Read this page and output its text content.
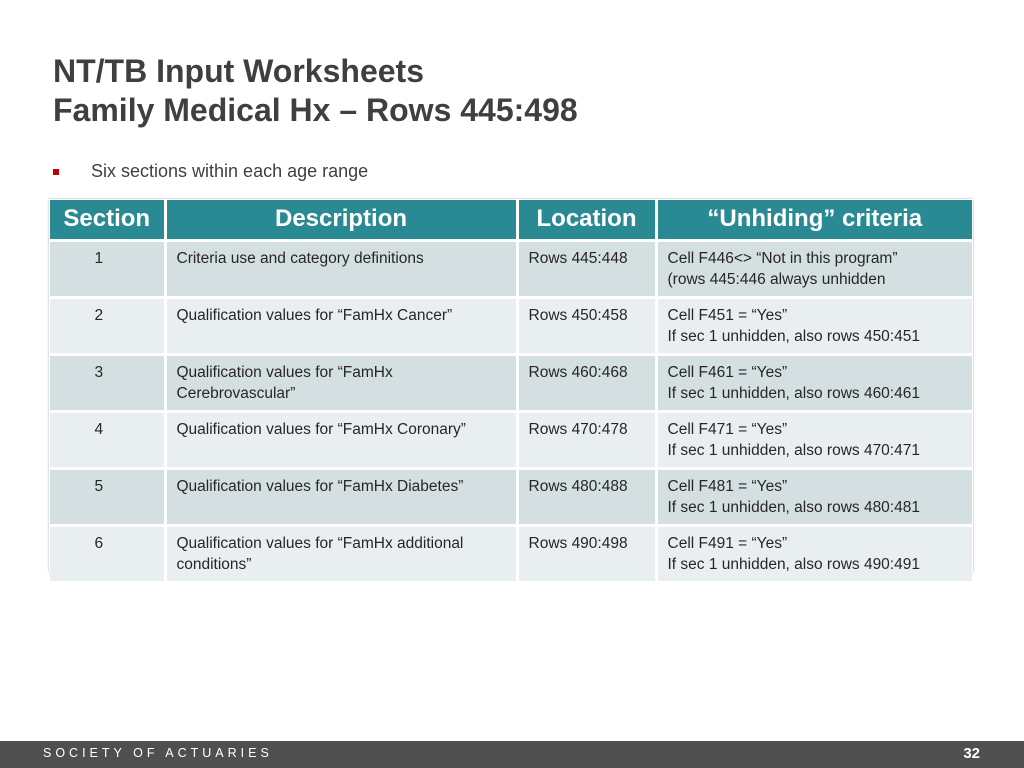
NT/TB Input Worksheets
Family Medical Hx – Rows 445:498
Six sections within each age range
Section	Description	Location	“Unhiding” criteria
1	Criteria use and category definitions	Rows 445:448	Cell F446<> “Not in this program”
(rows 445:446 always unhidden

2	Qualification values for “FamHx Cancer”	Rows 450:458	Cell F451 = “Yes”
If sec 1 unhidden, also rows 450:451

3	Qualification values for “FamHx
Cerebrovascular”	Rows 460:468	Cell F461 = “Yes”
If sec 1 unhidden, also rows 460:461

4	Qualification values for “FamHx Coronary”	Rows 470:478	Cell F471 = “Yes”
If sec 1 unhidden, also rows 470:471

5	Qualification values for “FamHx Diabetes”	Rows 480:488	Cell F481 = “Yes”
If sec 1 unhidden, also rows 480:481

6	Qualification values for “FamHx additional
conditions”	Rows 490:498	Cell F491 = “Yes”
If sec 1 unhidden, also rows 490:491
SOCIETY OF ACTUARIES	32
